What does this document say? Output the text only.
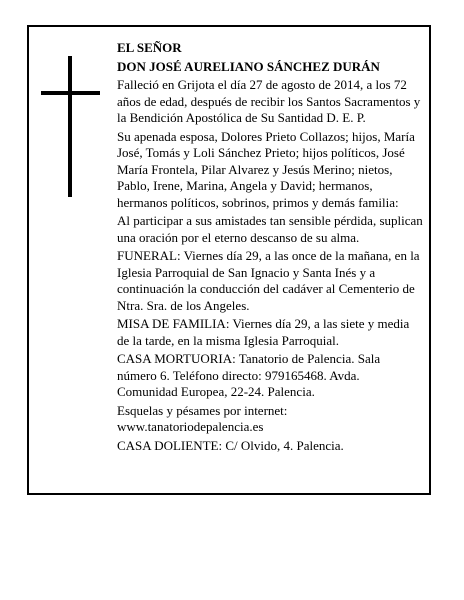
EL SEÑOR

DON JOSÉ AURELIANO SÁNCHEZ DURÁN

Falleció en Grijota el día 27 de agosto de 2014, a los 72 años de edad, después de recibir los Santos Sacramentos y la Bendición Apostólica de Su Santidad D. E. P.

Su apenada esposa, Dolores Prieto Collazos; hijos, María José, Tomás y Loli Sánchez Prieto; hijos políticos, José María Frontela, Pilar Alvarez y Jesús Merino; nietos, Pablo, Irene, Marina, Angela y David; hermanos, hermanos políticos, sobrinos, primos y demás familia:

Al participar a sus amistades tan sensible pérdida, suplican una oración por el eterno descanso de su alma.

FUNERAL: Viernes día 29, a las once de la mañana, en la Iglesia Parroquial de San Ignacio y Santa Inés y a continuación la conducción del cadáver al Cementerio de Ntra. Sra. de los Angeles.

MISA DE FAMILIA: Viernes día 29, a las siete y media de la tarde, en la misma Iglesia Parroquial.

CASA MORTUORIA: Tanatorio de Palencia. Sala número 6. Teléfono directo: 979165468. Avda. Comunidad Europea, 22-24. Palencia.

Esquelas y pésames por internet: www.tanatoriodepalencia.es

CASA DOLIENTE: C/ Olvido, 4. Palencia.
